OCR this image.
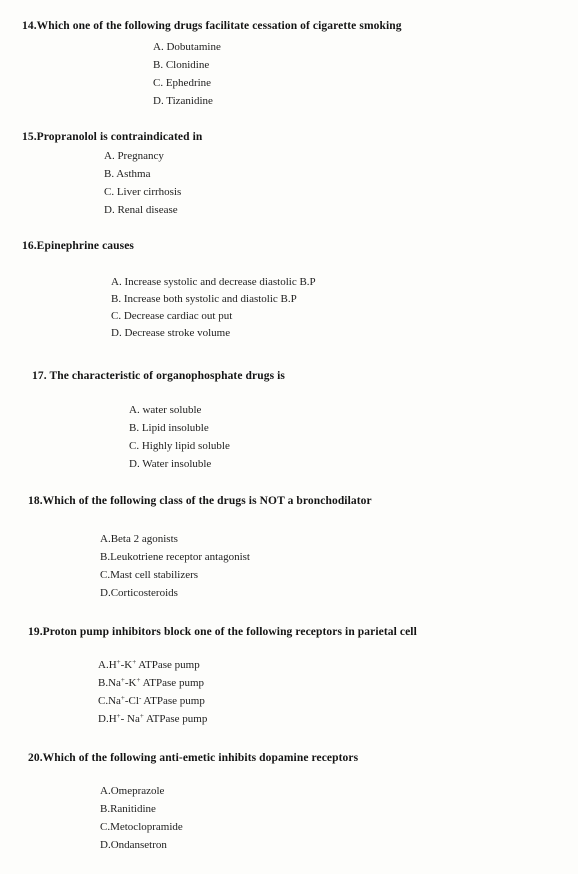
14.Which one of the following drugs facilitate cessation of cigarette smoking
A. Dobutamine
B. Clonidine
C. Ephedrine
D. Tizanidine
15.Propranolol is contraindicated in
A. Pregnancy
B. Asthma
C. Liver cirrhosis
D. Renal disease
16.Epinephrine causes
A. Increase systolic and decrease diastolic B.P
B. Increase both systolic and diastolic B.P
C. Decrease cardiac out put
D. Decrease stroke volume
17. The characteristic of organophosphate drugs is
A. water soluble
B. Lipid insoluble
C. Highly lipid soluble
D. Water insoluble
18.Which of the following class of the drugs is NOT a bronchodilator
A.Beta 2 agonists
B.Leukotriene receptor antagonist
C.Mast cell stabilizers
D.Corticosteroids
19.Proton pump inhibitors block one of the following receptors in parietal cell
A.H+-K+ ATPase pump
B.Na+-K+ ATPase pump
C.Na+-Cl- ATPase pump
D.H+- Na+ ATPase pump
20.Which of the following anti-emetic inhibits dopamine receptors
A.Omeprazole
B.Ranitidine
C.Metoclopramide
D.Ondansetron
